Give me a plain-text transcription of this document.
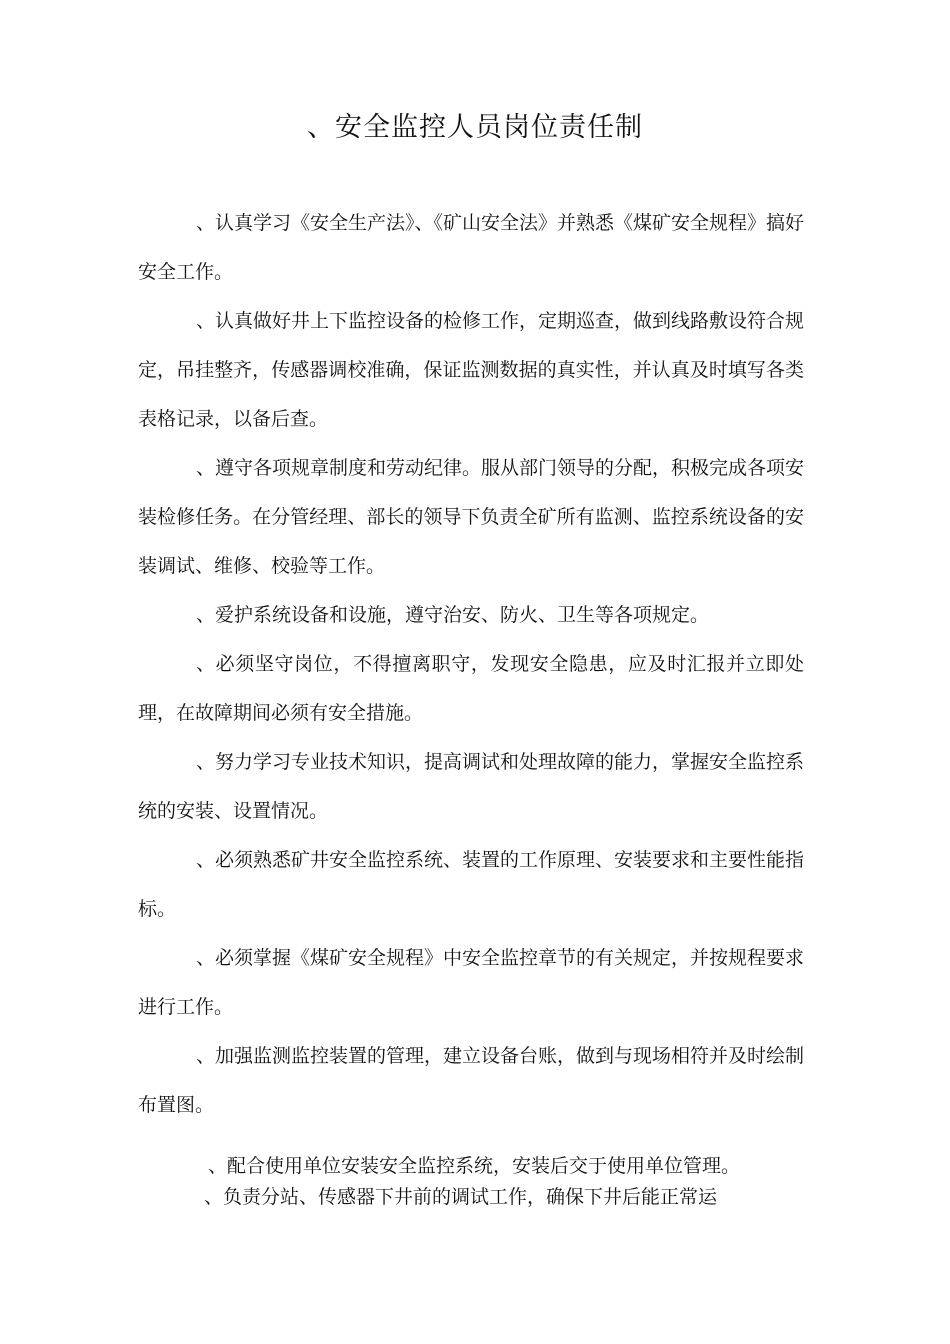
、安全监控人员岗位责任制

、认真学习《安全生产法》、《矿山安全法》并熟悉《煤矿安全规程》搞好安全工作。

、认真做好井上下监控设备的检修工作，定期巡查，做到线路敷设符合规定，吊挂整齐，传感器调校准确，保证监测数据的真实性，并认真及时填写各类表格记录，以备后查。

、遵守各项规章制度和劳动纪律。服从部门领导的分配，积极完成各项安装检修任务。在分管经理、部长的领导下负责全矿所有监测、监控系统设备的安装调试、维修、校验等工作。

、爱护系统设备和设施，遵守治安、防火、卫生等各项规定。

、必须坚守岗位，不得擅离职守，发现安全隐患，应及时汇报并立即处理，在故障期间必须有安全措施。

、努力学习专业技术知识，提高调试和处理故障的能力，掌握安全监控系统的安装、设置情况。

、必须熟悉矿井安全监控系统、装置的工作原理、安装要求和主要性能指标。

、必须掌握《煤矿安全规程》中安全监控章节的有关规定，并按规程要求进行工作。

、加强监测监控装置的管理，建立设备台账，做到与现场相符并及时绘制布置图。

、配合使用单位安装安全监控系统，安装后交于使用单位管理。

、负责分站、传感器下井前的调试工作，确保下井后能正常运
